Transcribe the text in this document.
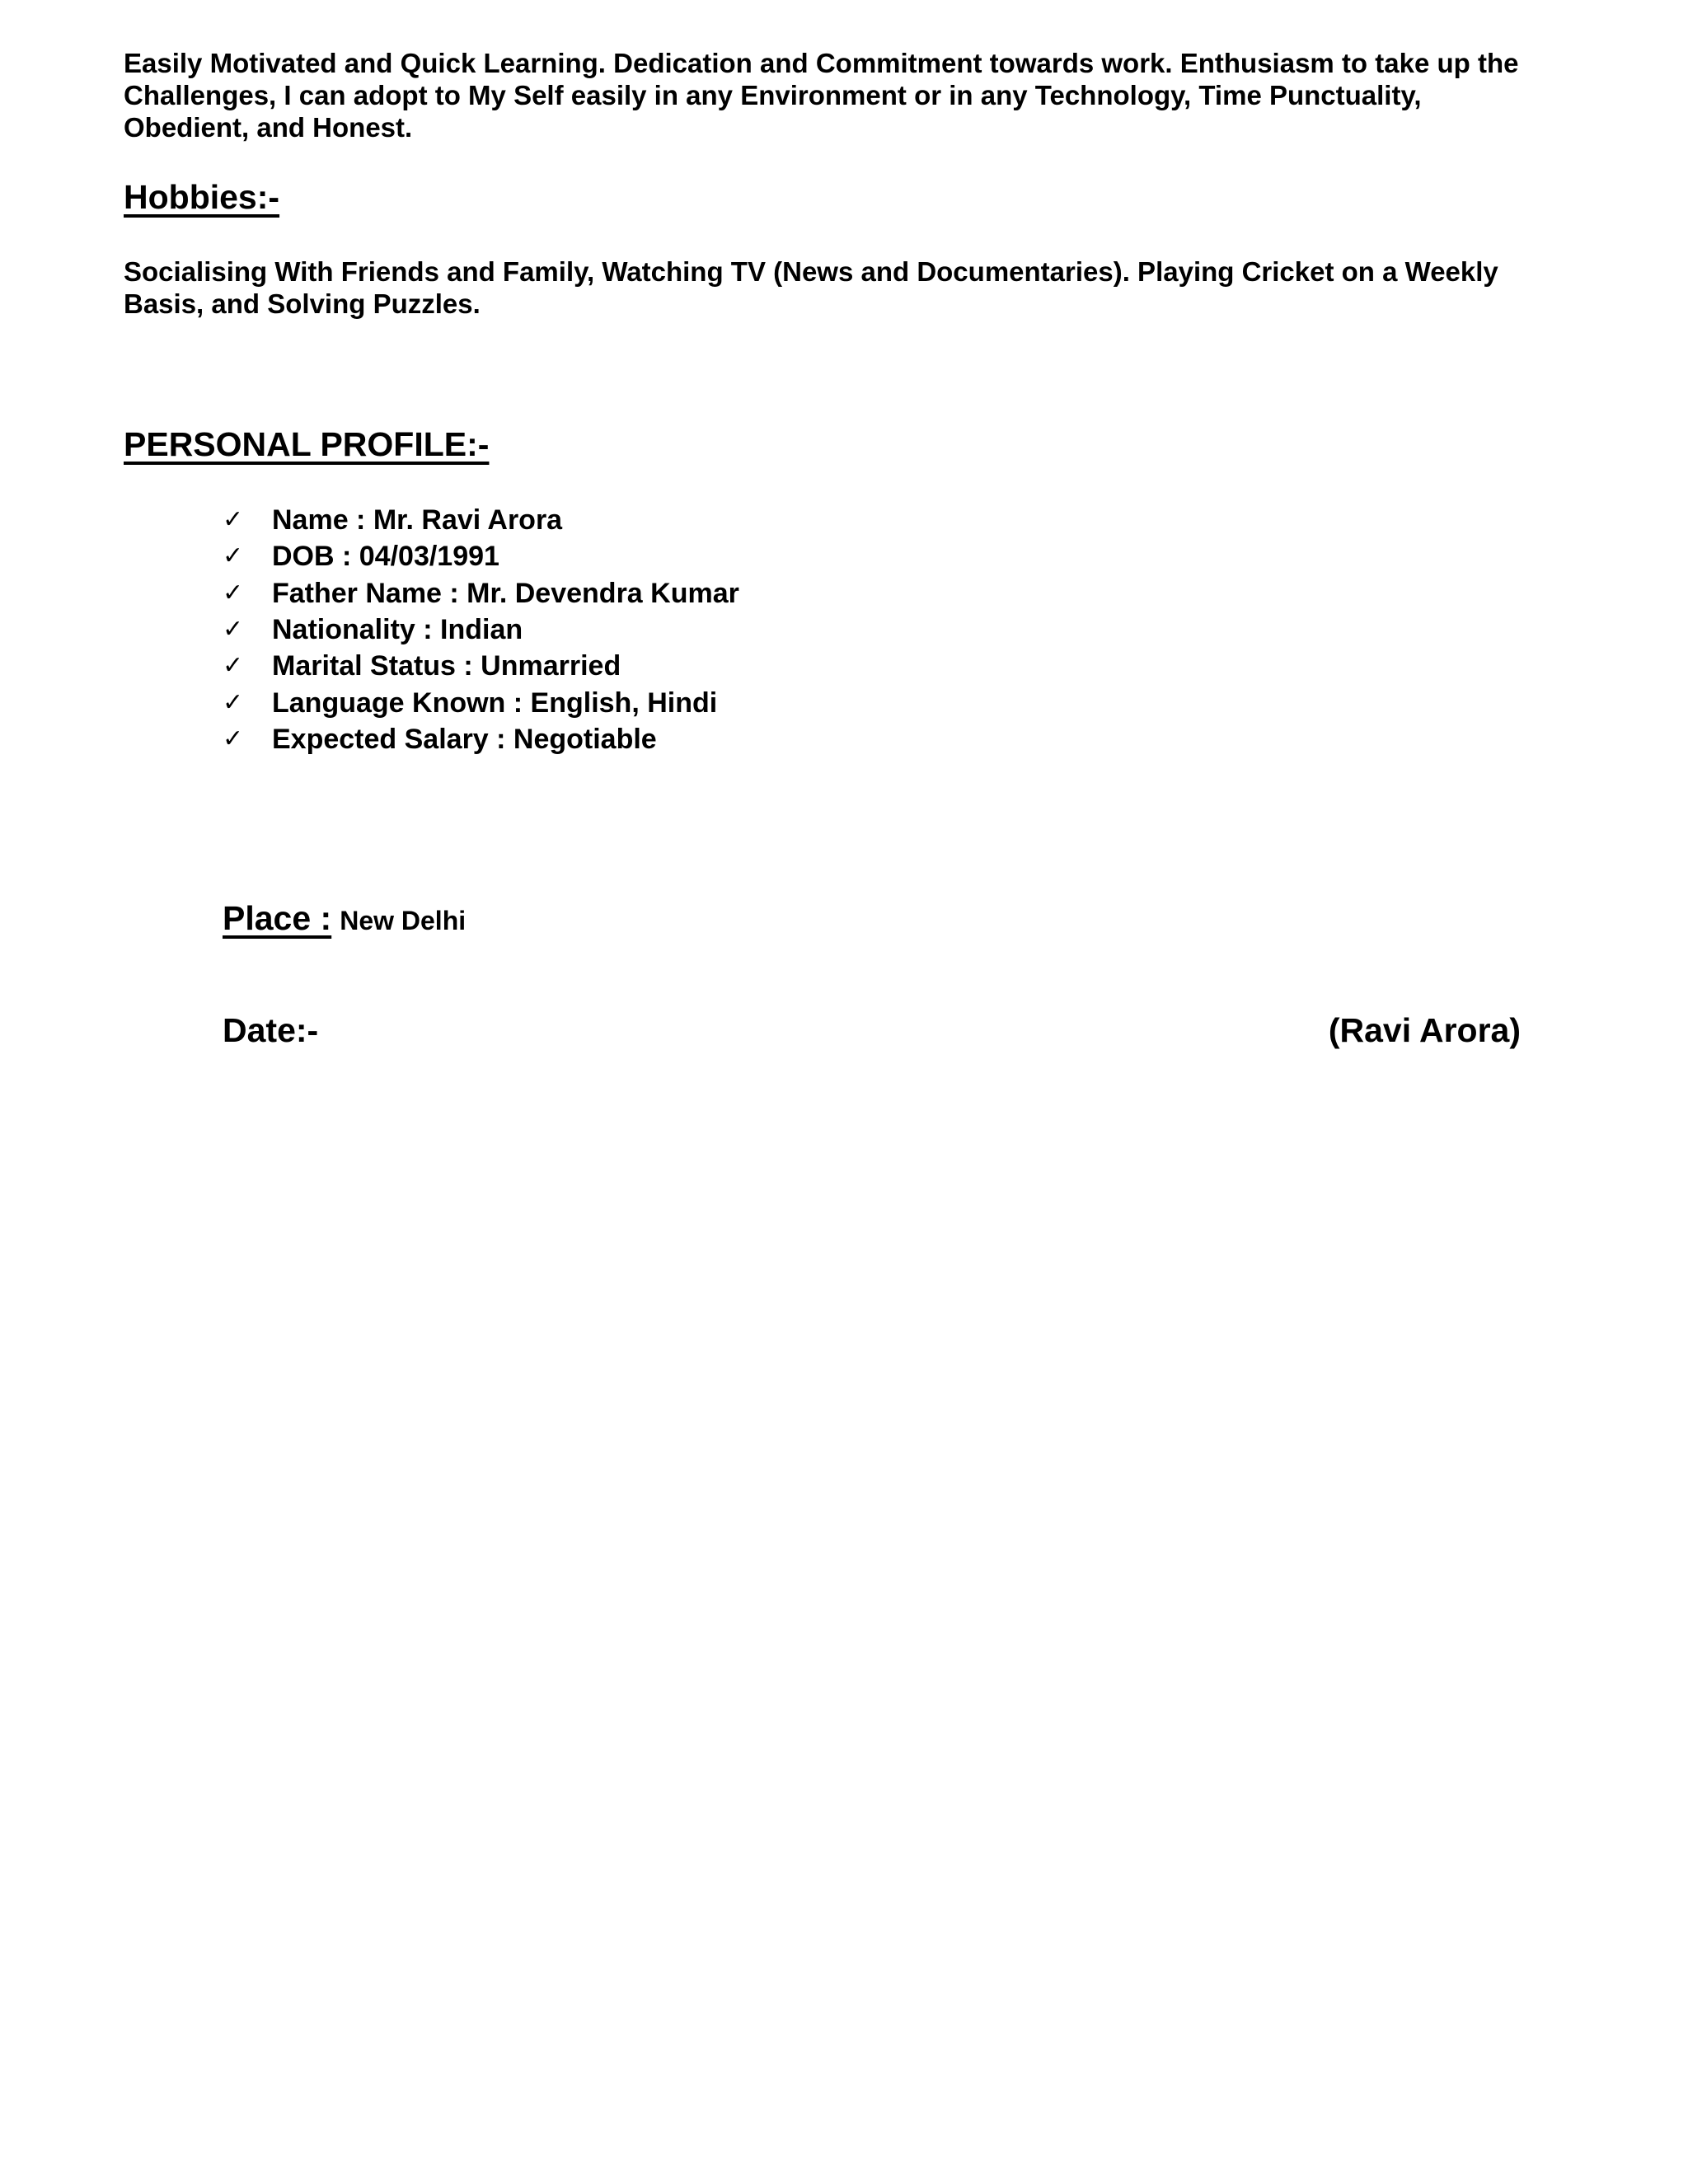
Easily Motivated and Quick Learning. Dedication and Commitment towards work. Enthusiasm to take up the
Challenges, I can adopt to My Self easily in any Environment or in any Technology, Time Punctuality,
Obedient, and Honest.

Hobbies:-

Socialising With Friends and Family, Watching TV (News and Documentaries). Playing Cricket on a Weekly
Basis, and Solving Puzzles.

PERSONAL PROFILE:-
✓	Name : Mr. Ravi Arora
✓	DOB : 04/03/1991
✓	Father Name : Mr. Devendra Kumar
✓	Nationality : Indian
✓	Marital Status : Unmarried
✓	Language Known : English, Hindi
✓	Expected Salary : Negotiable

Place : New Delhi

Date:-	(Ravi Arora)
